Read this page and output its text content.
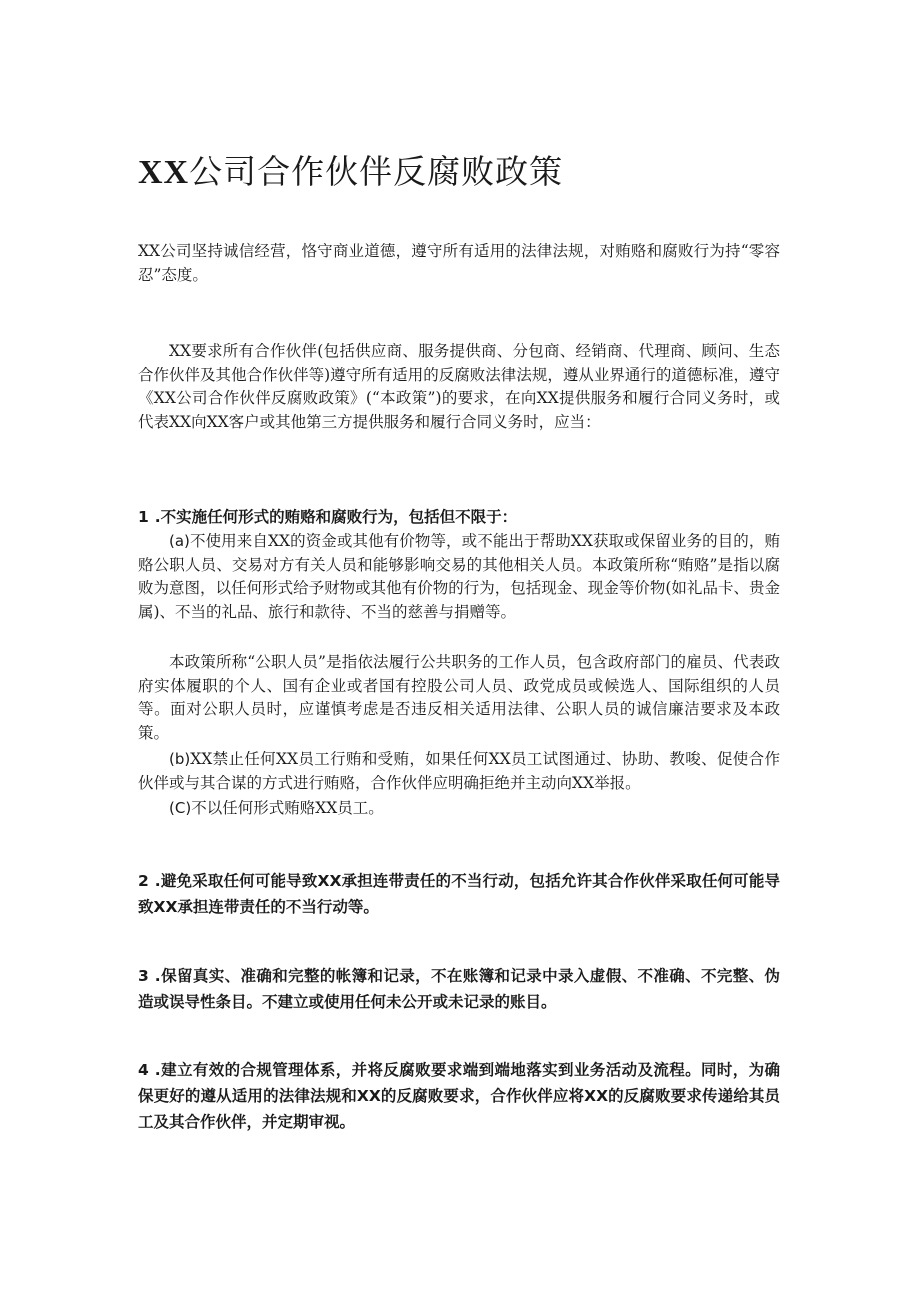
XX公司合作伙伴反腐败政策

XX公司坚持诚信经营，恪守商业道德，遵守所有适用的法律法规，对贿赂和腐败行为持“零容忍”态度。

XX要求所有合作伙伴(包括供应商、服务提供商、分包商、经销商、代理商、顾问、生态合作伙伴及其他合作伙伴等)遵守所有适用的反腐败法律法规，遵从业界通行的道德标准，遵守《XX公司合作伙伴反腐败政策》(“本政策”)的要求，在向XX提供服务和履行合同义务时，或代表XX向XX客户或其他第三方提供服务和履行合同义务时，应当：

1 .不实施任何形式的贿赂和腐败行为，包括但不限于：

(a)不使用来自XX的资金或其他有价物等，或不能出于帮助XX获取或保留业务的目的，贿赂公职人员、交易对方有关人员和能够影响交易的其他相关人员。本政策所称“贿赂”是指以腐败为意图，以任何形式给予财物或其他有价物的行为，包括现金、现金等价物(如礼品卡、贵金属)、不当的礼品、旅行和款待、不当的慈善与捐赠等。

本政策所称“公职人员”是指依法履行公共职务的工作人员，包含政府部门的雇员、代表政府实体履职的个人、国有企业或者国有控股公司人员、政党成员或候选人、国际组织的人员等。面对公职人员时，应谨慎考虑是否违反相关适用法律、公职人员的诚信廉洁要求及本政策。

(b)XX禁止任何XX员工行贿和受贿，如果任何XX员工试图通过、协助、教唆、促使合作伙伴或与其合谋的方式进行贿赂，合作伙伴应明确拒绝并主动向XX举报。

(C)不以任何形式贿赂XX员工。

2 .避免采取任何可能导致XX承担连带责任的不当行动，包括允许其合作伙伴采取任何可能导致XX承担连带责任的不当行动等。

3 .保留真实、准确和完整的帐簿和记录，不在账簿和记录中录入虚假、不准确、不完整、伪造或误导性条目。不建立或使用任何未公开或未记录的账目。

4 .建立有效的合规管理体系，并将反腐败要求端到端地落实到业务活动及流程。同时，为确保更好的遵从适用的法律法规和XX的反腐败要求，合作伙伴应将XX的反腐败要求传递给其员工及其合作伙伴，并定期审视。
